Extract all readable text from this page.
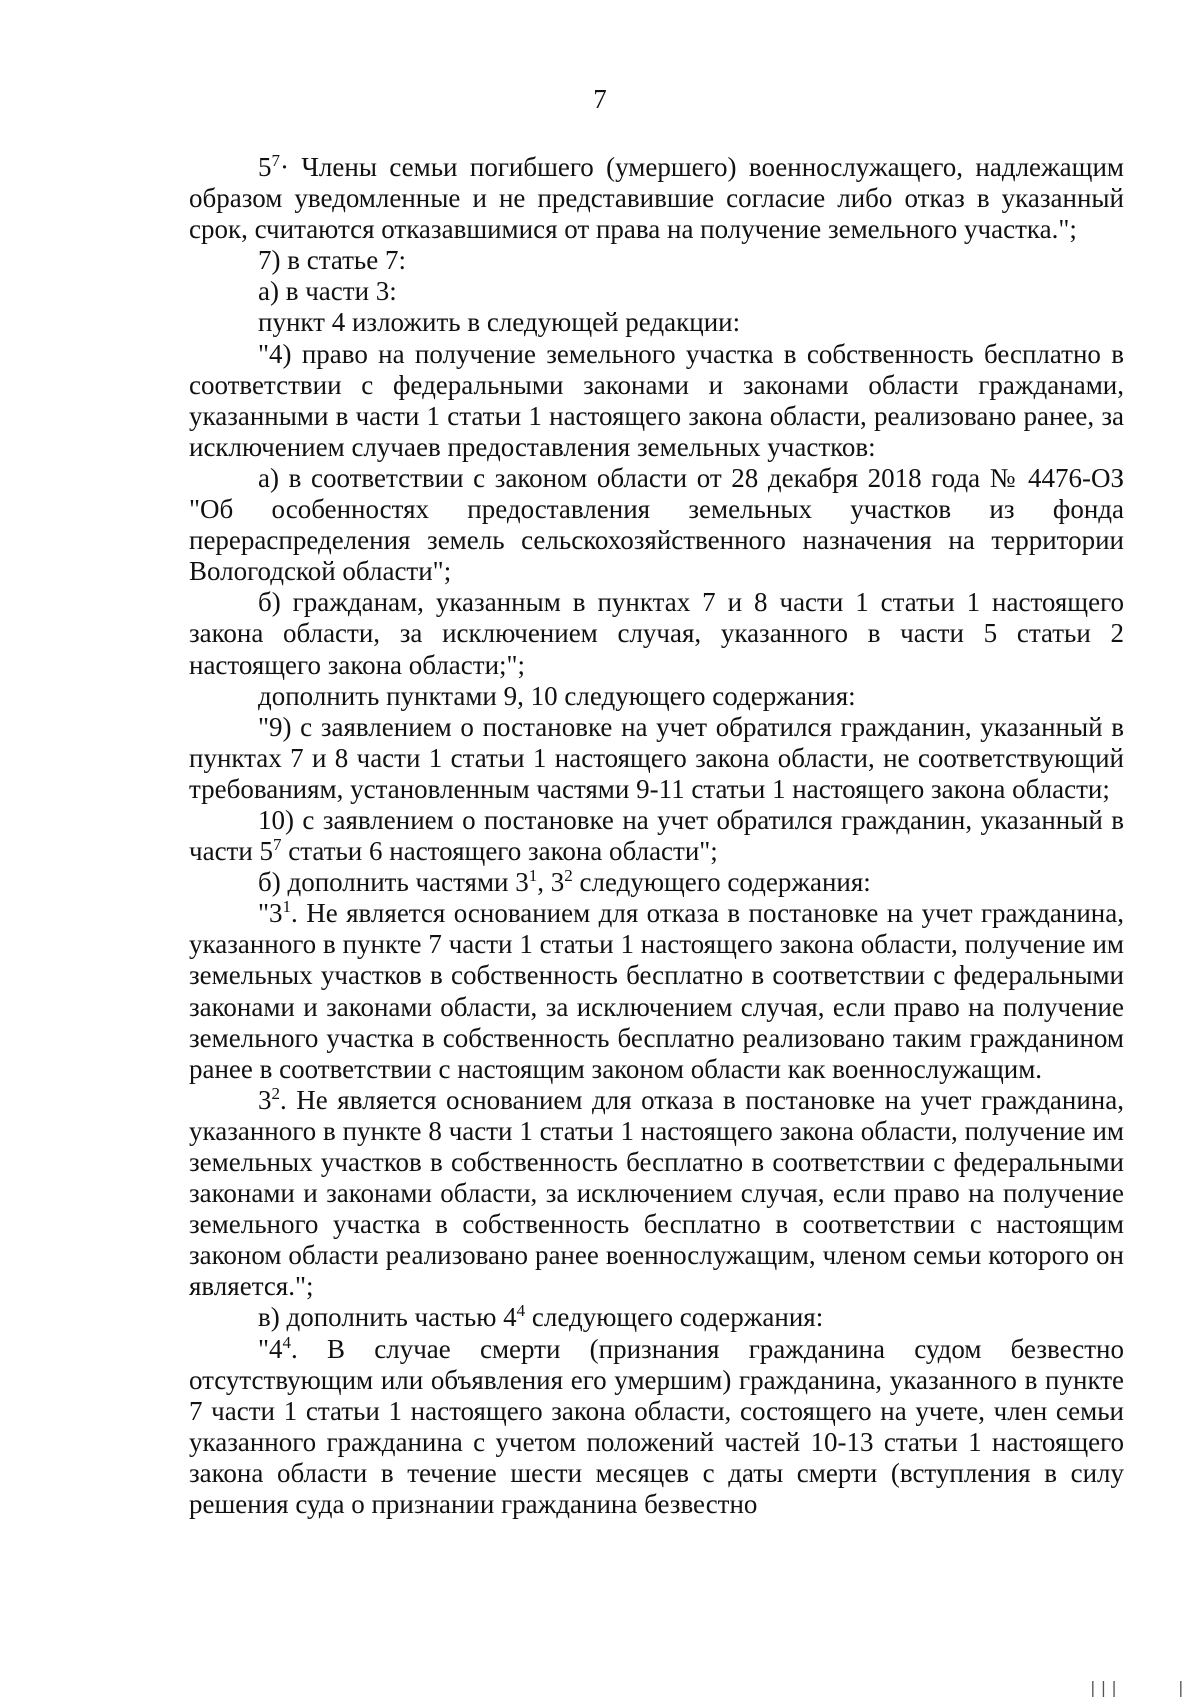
7

$5^7\cdot$ Члены семьи погибшего (умершего) военнослужащего, надлежащим образом уведомленные и не представившие согласие либо отказ в указанный срок, считаются отказавшимися от права на получение земельного участка.";

7) в статье 7:

а) в части 3:

пункт 4 изложить в следующей редакции:

"4) право на получение земельного участка в собственность бесплатно в соответствии с федеральными законами и законами области гражданами, указанными в части 1 статьи 1 настоящего закона области, реализовано ранее, за исключением случаев предоставления земельных участков:

а) в соответствии с законом области от 28 декабря 2018 года № 4476-ОЗ "Об особенностях предоставления земельных участков из фонда перераспределения земель сельскохозяйственного назначения на территории Вологодской области";

б) гражданам, указанным в пунктах 7 и 8 части 1 статьи 1 настоящего закона области, за исключением случая, указанного в части 5 статьи 2 настоящего закона области;";

дополнить пунктами 9, 10 следующего содержания:

"9) с заявлением о постановке на учет обратился гражданин, указанный в пунктах 7 и 8 части 1 статьи 1 настоящего закона области, не соответствующий требованиям, установленным частями 9-11 статьи 1 настоящего закона области;

10) с заявлением о постановке на учет обратился гражданин, указанный в части $5^7$ статьи 6 настоящего закона области";

б) дополнить частями $3^1$, $3^2$ следующего содержания:

"$3^1$. Не является основанием для отказа в постановке на учет гражданина, указанного в пункте 7 части 1 статьи 1 настоящего закона области, получение им земельных участков в собственность бесплатно в соответствии с федеральными законами и законами области, за исключением случая, если право на получение земельного участка в собственность бесплатно реализовано таким гражданином ранее в соответствии с настоящим законом области как военнослужащим.

$3^2$. Не является основанием для отказа в постановке на учет гражданина, указанного в пункте 8 части 1 статьи 1 настоящего закона области, получение им земельных участков в собственность бесплатно в соответствии с федеральными законами и законами области, за исключением случая, если право на получение земельного участка в собственность бесплатно в соответствии с настоящим законом области реализовано ранее военнослужащим, членом семьи которого он является.";

в) дополнить частью $4^4$ следующего содержания:

"$4^4$. В случае смерти (признания гражданина судом безвестно отсутствующим или объявления его умершим) гражданина, указанного в пункте 7 части 1 статьи 1 настоящего закона области, состоящего на учете, член семьи указанного гражданина с учетом положений частей 10-13 статьи 1 настоящего закона области в течение шести месяцев с даты смерти (вступления в силу решения суда о признании гражданина безвестно

|||	|
